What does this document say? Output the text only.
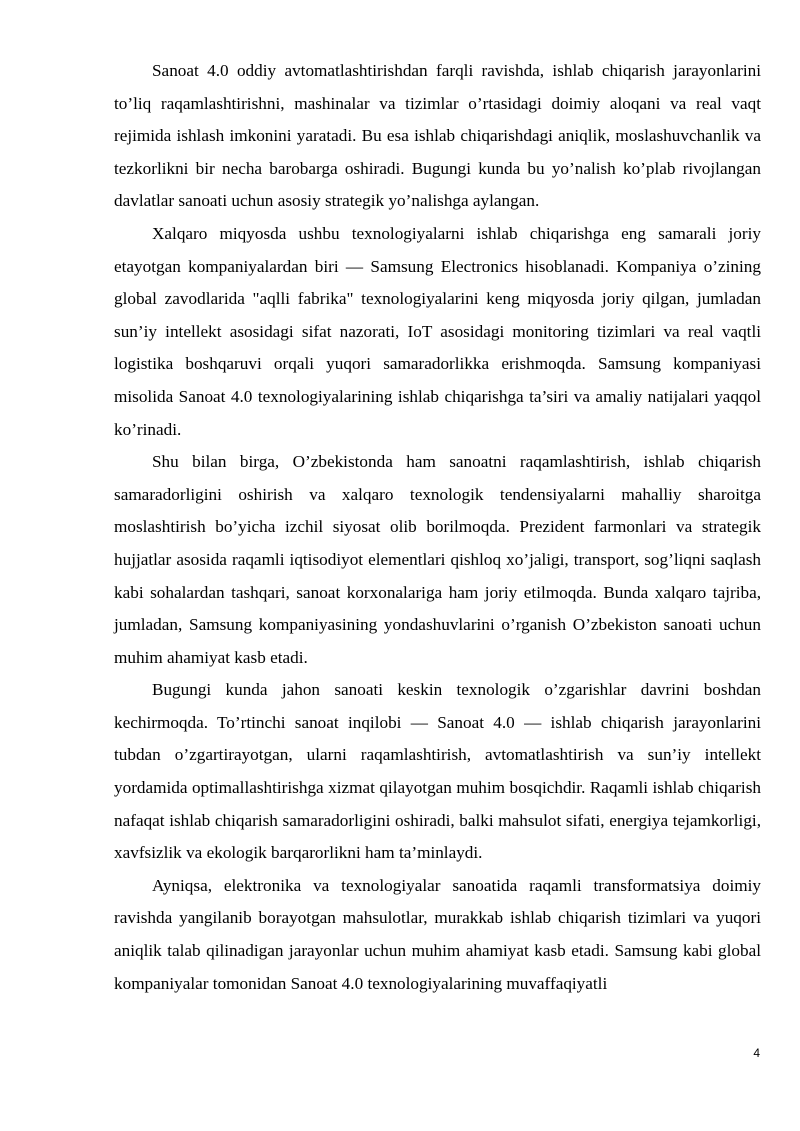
Sanoat 4.0 oddiy avtomatlashtirishdan farqli ravishda, ishlab chiqarish jarayonlarini to’liq raqamlashtirishni, mashinalar va tizimlar o’rtasidagi doimiy aloqani va real vaqt rejimida ishlash imkonini yaratadi. Bu esa ishlab chiqarishdagi aniqlik, moslashuvchanlik va tezkorlikni bir necha barobarga oshiradi. Bugungi kunda bu yo’nalish ko’plab rivojlangan davlatlar sanoati uchun asosiy strategik yo’nalishga aylangan.

Xalqaro miqyosda ushbu texnologiyalarni ishlab chiqarishga eng samarali joriy etayotgan kompaniyalardan biri — Samsung Electronics hisoblanadi. Kompaniya o’zining global zavodlarida "aqlli fabrika" texnologiyalarini keng miqyosda joriy qilgan, jumladan sun’iy intellekt asosidagi sifat nazorati, IoT asosidagi monitoring tizimlari va real vaqtli logistika boshqaruvi orqali yuqori samaradorlikka erishmoqda. Samsung kompaniyasi misolida Sanoat 4.0 texnologiyalarining ishlab chiqarishga ta’siri va amaliy natijalari yaqqol ko’rinadi.

Shu bilan birga, O’zbekistonda ham sanoatni raqamlashtirish, ishlab chiqarish samaradorligini oshirish va xalqaro texnologik tendensiyalarni mahalliy sharoitga moslashtirish bo’yicha izchil siyosat olib borilmoqda. Prezident farmonlari va strategik hujjatlar asosida raqamli iqtisodiyot elementlari qishloq xo’jaligi, transport, sog’liqni saqlash kabi sohalardan tashqari, sanoat korxonalariga ham joriy etilmoqda. Bunda xalqaro tajriba, jumladan, Samsung kompaniyasining yondashuvlarini o’rganish O’zbekiston sanoati uchun muhim ahamiyat kasb etadi.

Bugungi kunda jahon sanoati keskin texnologik o’zgarishlar davrini boshdan kechirmoqda. To’rtinchi sanoat inqilobi — Sanoat 4.0 — ishlab chiqarish jarayonlarini tubdan o’zgartirayotgan, ularni raqamlashtirish, avtomatlashtirish va sun’iy intellekt yordamida optimallashtirishga xizmat qilayotgan muhim bosqichdir. Raqamli ishlab chiqarish nafaqat ishlab chiqarish samaradorligini oshiradi, balki mahsulot sifati, energiya tejamkorligi, xavfsizlik va ekologik barqarorlikni ham ta’minlaydi.

Ayniqsa, elektronika va texnologiyalar sanoatida raqamli transformatsiya doimiy ravishda yangilanib borayotgan mahsulotlar, murakkab ishlab chiqarish tizimlari va yuqori aniqlik talab qilinadigan jarayonlar uchun muhim ahamiyat kasb etadi. Samsung kabi global kompaniyalar tomonidan Sanoat 4.0 texnologiyalarining muvaffaqiyatli

4
